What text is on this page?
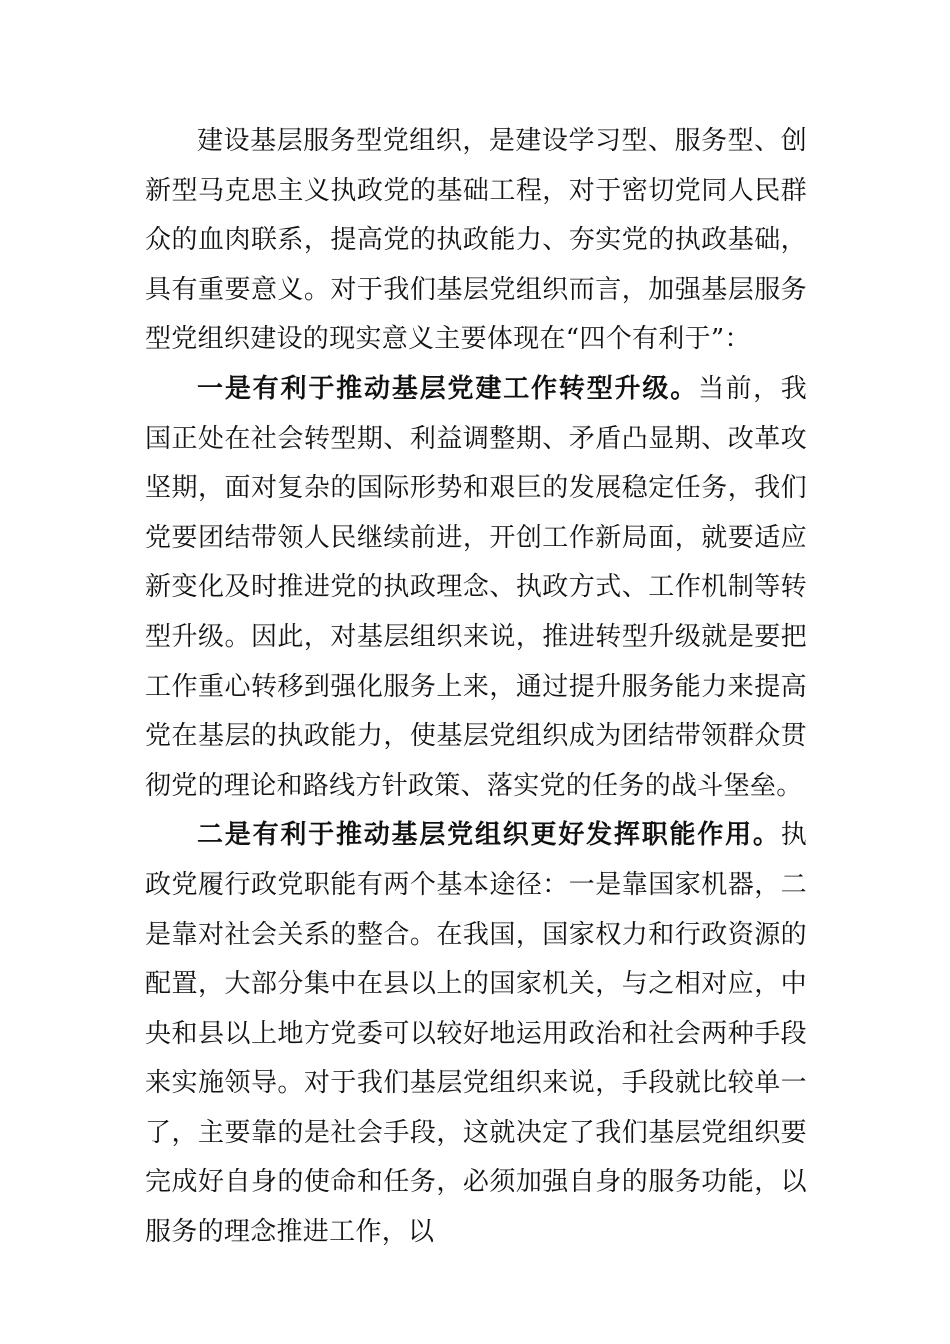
建设基层服务型党组织，是建设学习型、服务型、创新型马克思主义执政党的基础工程，对于密切党同人民群众的血肉联系，提高党的执政能力、夯实党的执政基础，具有重要意义。对于我们基层党组织而言，加强基层服务型党组织建设的现实意义主要体现在“四个有利于”：

一是有利于推动基层党建工作转型升级。当前，我国正处在社会转型期、利益调整期、矛盾凸显期、改革攻坚期，面对复杂的国际形势和艰巨的发展稳定任务，我们党要团结带领人民继续前进，开创工作新局面，就要适应新变化及时推进党的执政理念、执政方式、工作机制等转型升级。因此，对基层组织来说，推进转型升级就是要把工作重心转移到强化服务上来，通过提升服务能力来提高党在基层的执政能力，使基层党组织成为团结带领群众贯彻党的理论和路线方针政策、落实党的任务的战斗堡垒。

二是有利于推动基层党组织更好发挥职能作用。执政党履行政党职能有两个基本途径：一是靠国家机器，二是靠对社会关系的整合。在我国，国家权力和行政资源的配置，大部分集中在县以上的国家机关，与之相对应，中央和县以上地方党委可以较好地运用政治和社会两种手段来实施领导。对于我们基层党组织来说，手段就比较单一了，主要靠的是社会手段，这就决定了我们基层党组织要完成好自身的使命和任务，必须加强自身的服务功能，以服务的理念推进工作，以
